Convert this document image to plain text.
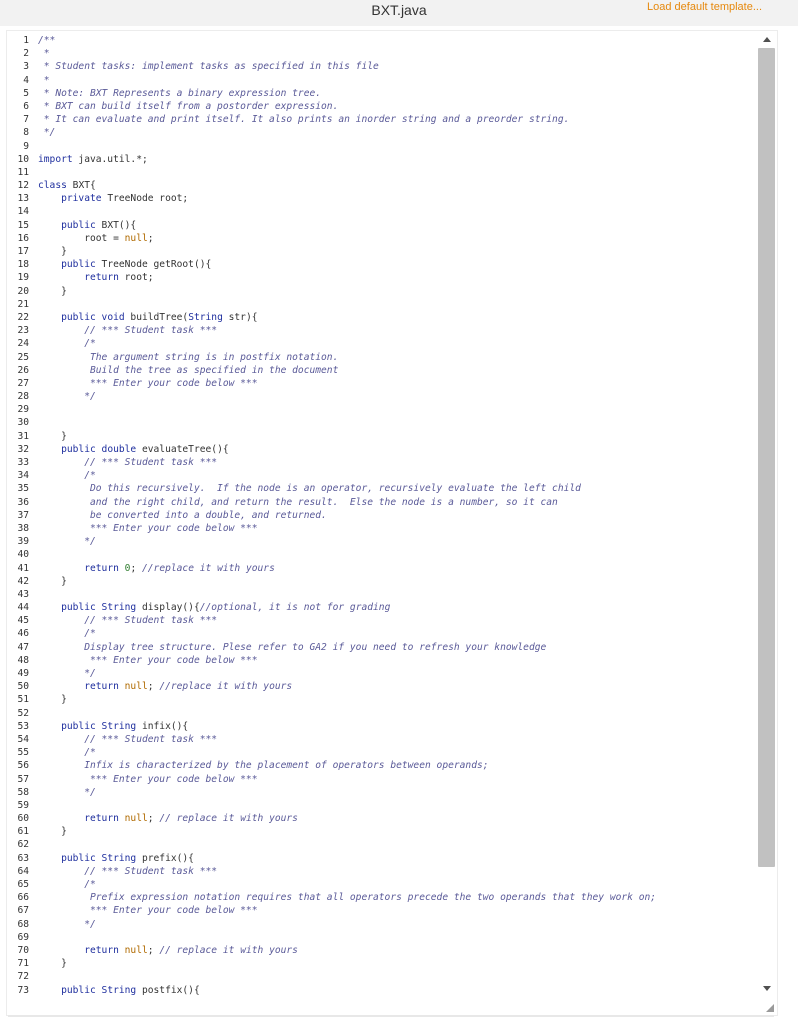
BXT.java	Load default template...
1 /**
2 *
3 * Student tasks: implement tasks as specified in this file
4 *
5 * Note: BXT Represents a binary expression tree.
6 * BXT can build itself from a postorder expression.
7 * It can evaluate and print itself. It also prints an inorder string and a preorder string.
8 */
9
10 import java.util.*;
11
12 class BXT{
13	private TreeNode root;
14
15	public BXT(){
16 root = null;
17 }
18	public TreeNode getRoot(){
19	return root;
20 }
21
22	public void buildTree(String str){
23 // *** Student task ***
24 /*
25 The argument string is in postfix notation.
26 Build the tree as specified in the document
27 *** Enter your code below ***
28 */
29
30
31 }
32	public double evaluateTree(){
33 // *** Student task ***
34 /*
35 Do this recursively.  If the node is an operator, recursively evaluate the left child
36 and the right child, and return the result.  Else the node is a number, so it can
37 be converted into a double, and returned.
38 *** Enter your code below ***
39 */
40
41	return 0; //replace it with yours
42 }
43
44	public String display(){//optional, it is not for grading
45 // *** Student task ***
46 /*
47 Display tree structure. Plese refer to GA2 if you need to refresh your knowledge
48 *** Enter your code below ***
49 */
50	return null; //replace it with yours
51 }
52
53	public String infix(){
54 // *** Student task ***
55 /*
56 Infix is characterized by the placement of operators between operands;
57 *** Enter your code below ***
58 */
59
60	return null; // replace it with yours
61 }
62
63	public String prefix(){
64 // *** Student task ***
65 /*
66 Prefix expression notation requires that all operators precede the two operands that they work on;
67 *** Enter your code below ***
68 */
69
70	return null; // replace it with yours
71 }
72
73	public String postfix(){
